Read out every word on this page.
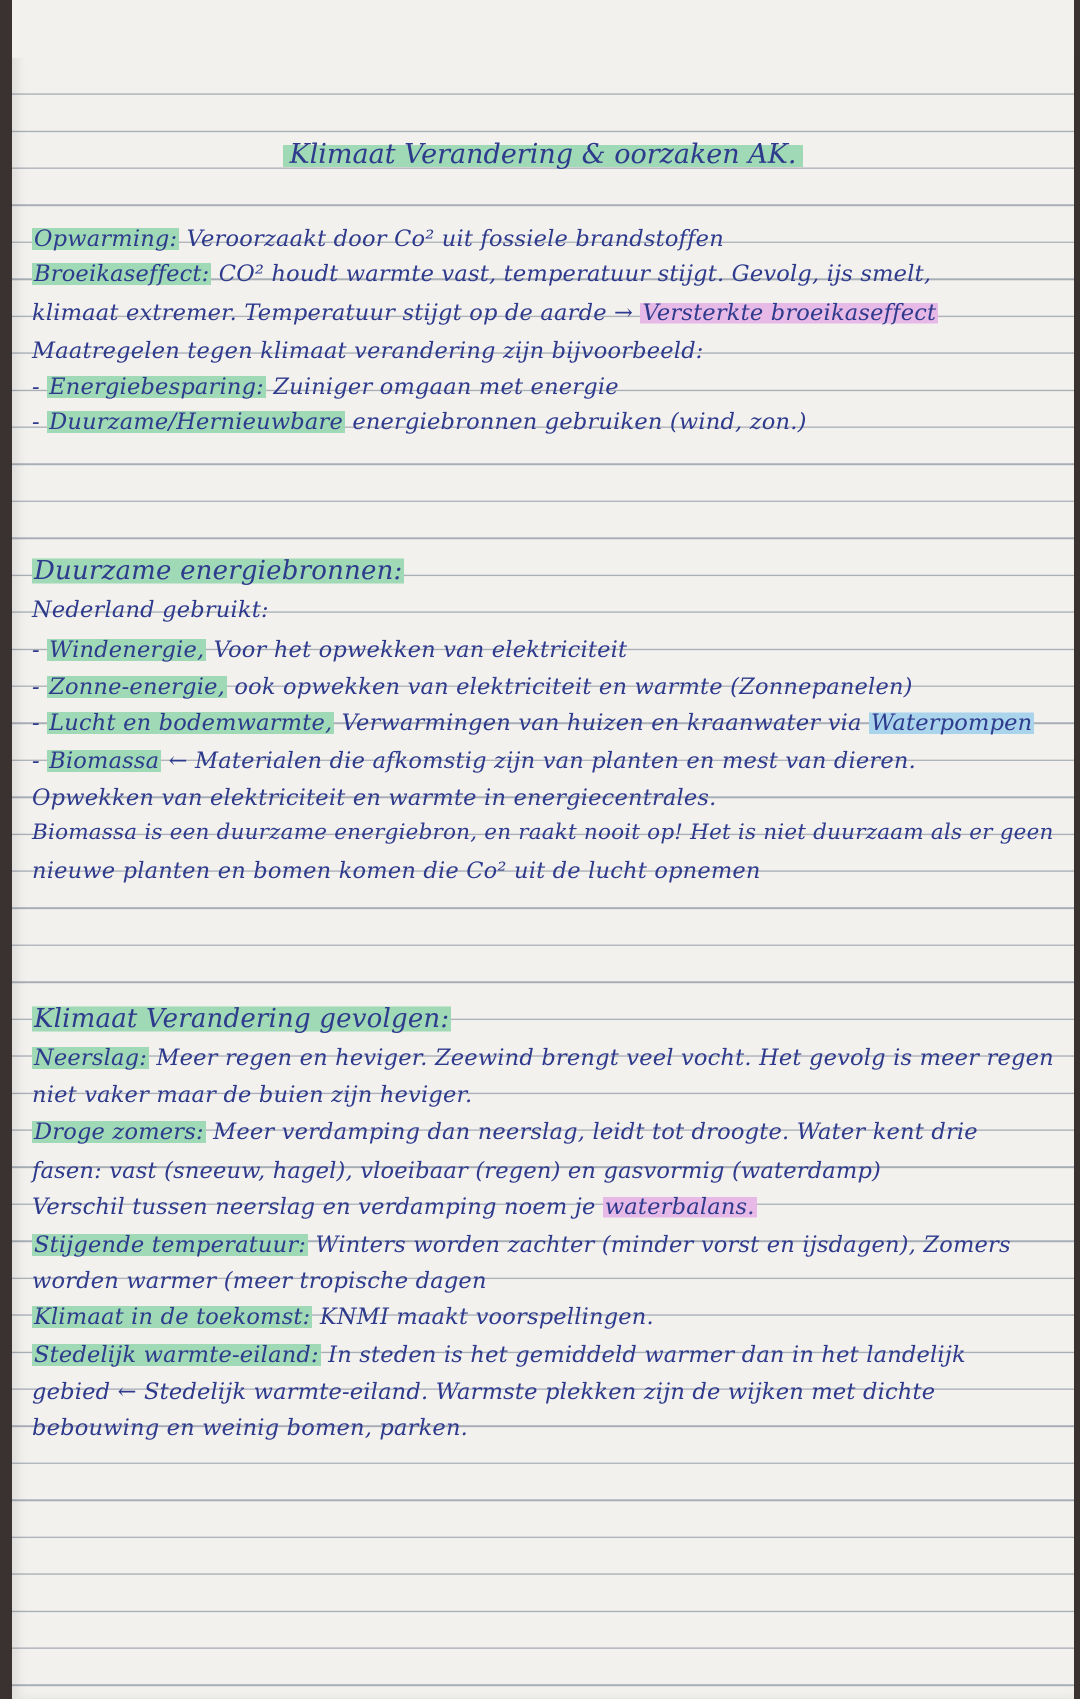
Klimaat Verandering & oorzaken AK.
Opwarming: Veroorzaakt door Co² uit fossiele brandstoffen
Broeikaseffect: CO² houdt warmte vast, temperatuur stijgt. Gevolg, ijs smelt,
klimaat extremer. Temperatuur stijgt op de aarde → Versterkte broeikaseffect
Maatregelen tegen klimaat verandering zijn bijvoorbeeld:
- Energiebesparing: Zuiniger omgaan met energie
- Duurzame/Hernieuwbare energiebronnen gebruiken (wind, zon.)
Duurzame energiebronnen:
Nederland gebruikt:
- Windenergie, Voor het opwekken van elektriciteit
- Zonne-energie, ook opwekken van elektriciteit en warmte (Zonnepanelen)
- Lucht en bodemwarmte, Verwarmingen van huizen en kraanwater via Waterpompen
- Biomassa ← Materialen die afkomstig zijn van planten en mest van dieren.
Opwekken van elektriciteit en warmte in energiecentrales.
Biomassa is een duurzame energiebron, en raakt nooit op! Het is niet duurzaam als er geen
nieuwe planten en bomen komen die Co² uit de lucht opnemen
Klimaat Verandering gevolgen:
Neerslag: Meer regen en heviger. Zeewind brengt veel vocht. Het gevolg is meer regen
niet vaker maar de buien zijn heviger.
Droge zomers: Meer verdamping dan neerslag, leidt tot droogte. Water kent drie
fasen: vast (sneeuw, hagel), vloeibaar (regen) en gasvormig (waterdamp)
Verschil tussen neerslag en verdamping noem je waterbalans.
Stijgende temperatuur: Winters worden zachter (minder vorst en ijsdagen), Zomers
worden warmer (meer tropische dagen
Klimaat in de toekomst: KNMI maakt voorspellingen.
Stedelijk warmte-eiland: In steden is het gemiddeld warmer dan in het landelijk
gebied ← Stedelijk warmte-eiland. Warmste plekken zijn de wijken met dichte
bebouwing en weinig bomen, parken.
